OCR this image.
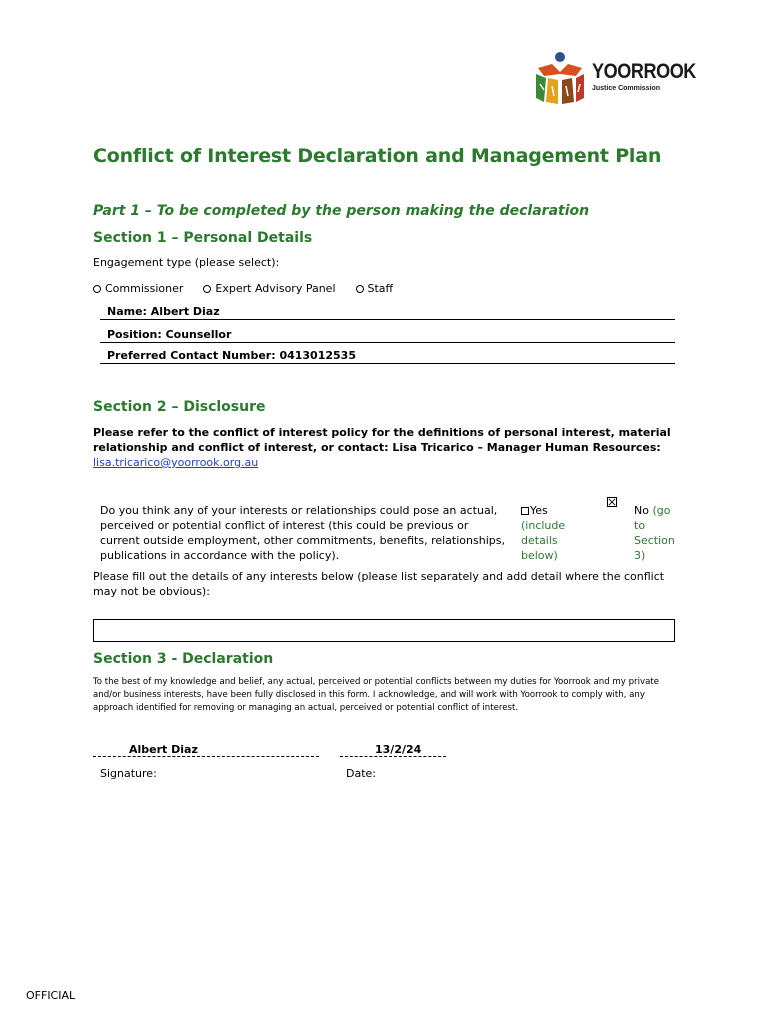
YOORROOK
Justice Commission
Conflict of Interest Declaration and Management Plan
Part 1 – To be completed by the person making the declaration
Section 1 – Personal Details
Engagement type (please select):
Commissioner	Expert Advisory Panel	Staff
Name: Albert Diaz
Position: Counsellor
Preferred Contact Number: 0413012535
Section 2 – Disclosure
Please refer to the conflict of interest policy for the definitions of personal interest, material relationship and conflict of interest, or contact: Lisa Tricarico – Manager Human Resources:
lisa.tricarico@yoorrook.org.au
Do you think any of your interests or relationships could pose an actual, perceived or potential conflict of interest (this could be previous or current outside employment, other commitments, benefits, relationships, publications in accordance with the policy).
Yes
(include details below)
No (go to Section 3)
Please fill out the details of any interests below (please list separately and add detail where the conflict may not be obvious):
Section 3 - Declaration
To the best of my knowledge and belief, any actual, perceived or potential conflicts between my duties for Yoorrook and my private and/or business interests, have been fully disclosed in this form. I acknowledge, and will work with Yoorrook to comply with, any approach identified for removing or managing an actual, perceived or potential conflict of interest.
Albert Diaz	13/2/24
Signature:	Date:
OFFICIAL
